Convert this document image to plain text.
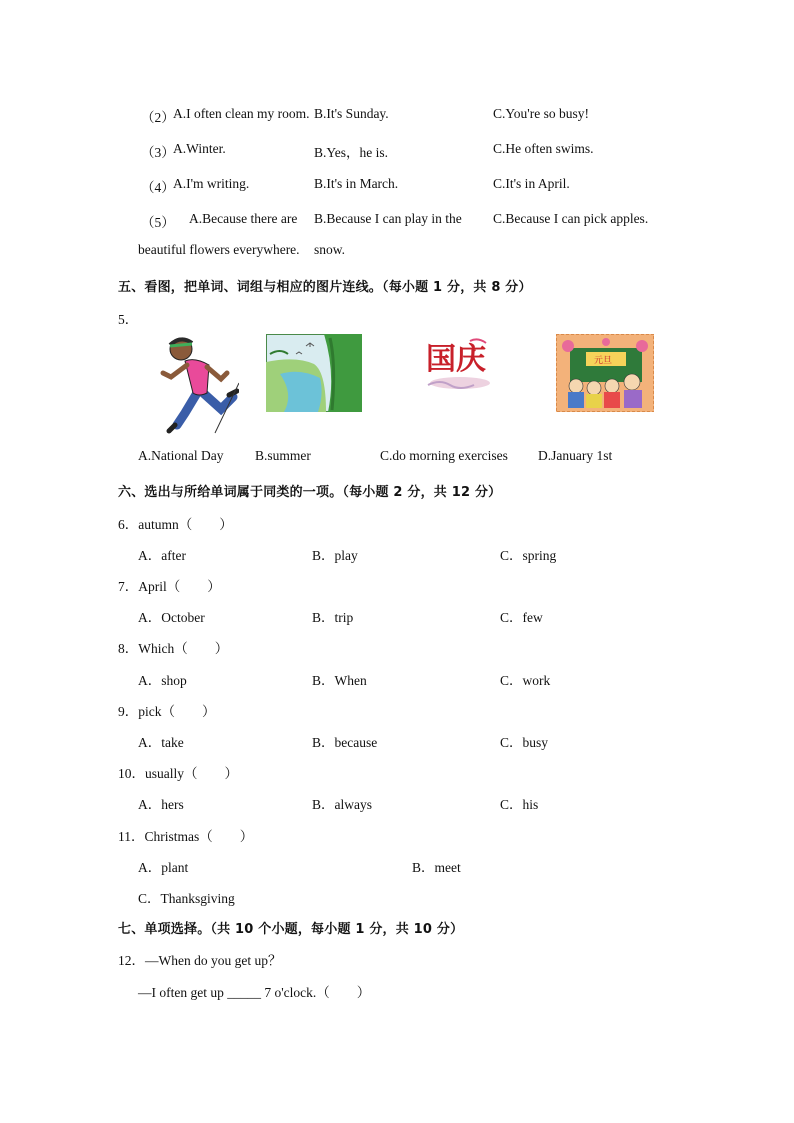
（2）
A.I often clean my room. B.It's Sunday.	C.You're so busy!
（3）
A.Winter.	B.Yes，he is.	C.He often swims.
（4）
A.I'm writing.	B.It's in March.	C.It's in April.
（5） A.Because there are B.Because I can play in the C.Because I can pick apples.
beautiful flowers everywhere. snow.
五、看图，把单词、词组与相应的图片连线。（每小题 1 分，共 8 分）
5．
国庆	元旦
A.National Day B.summer	C.do morning exercises D.January 1st
六、选出与所给单词属于同类的一项。（每小题 2 分，共 12 分）
6．autumn（　　）
A．after	B．play	C．spring
7．April（　　）
A．October	B．trip	C．few
8．Which（　　）
A．shop	B．When	C．work
9．pick（　　）
A．take	B．because	C．busy
10．usually（　　）
A．hers	B．always	C．his
11．Christmas（　　）
A．plant	B．meet
C．Thanksgiving
七、单项选择。（共 10 个小题，每小题 1 分，共 10 分）
12．—When do you get up？
—I often get up _____ 7 o'clock.（　　）
